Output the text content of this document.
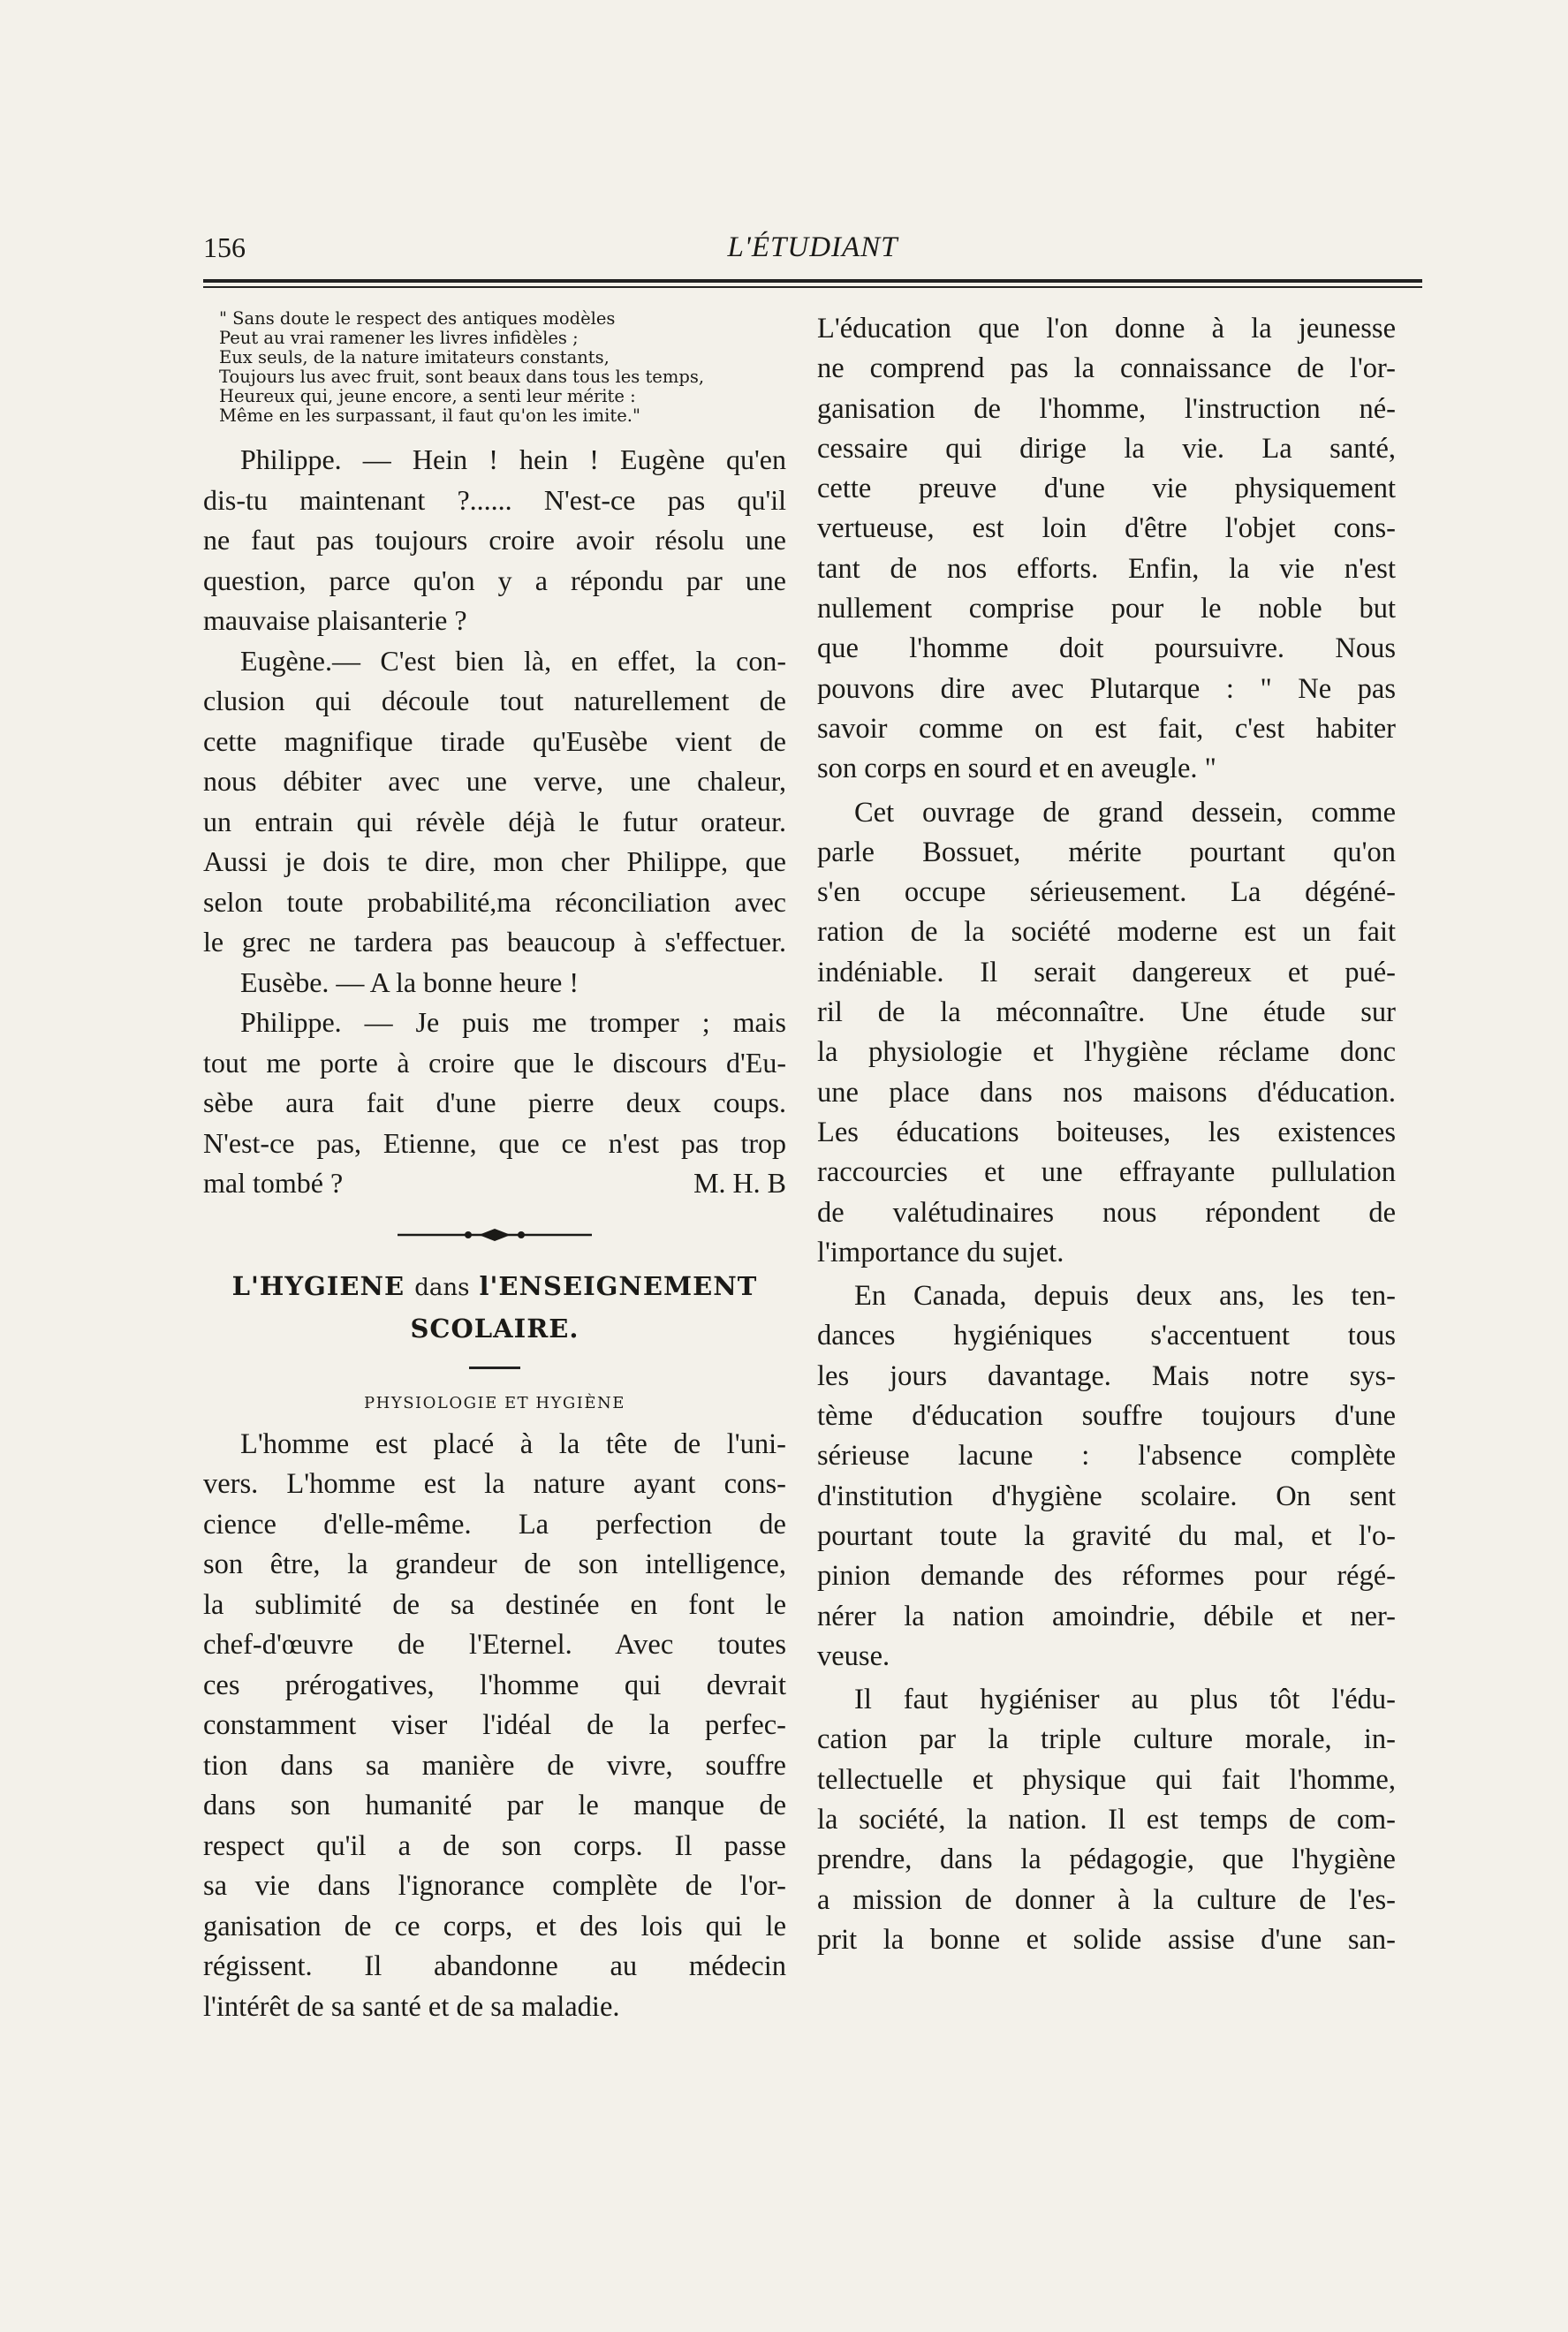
156	L'ÉTUDIANT
" Sans doute le respect des antiques modèles
Peut au vrai ramener les livres infidèles ;
Eux seuls, de la nature imitateurs constants,
Toujours lus avec fruit, sont beaux dans tous les temps,
Heureux qui, jeune encore, a senti leur mérite :
Même en les surpassant, il faut qu'on les imite."
Philippe. — Hein ! hein ! Eugène qu'en
dis-tu maintenant ?...... N'est-ce pas qu'il
ne faut pas toujours croire avoir résolu une
question, parce qu'on y a répondu par une
mauvaise plaisanterie ?
Eugène.— C'est bien là, en effet, la con-
clusion qui découle tout naturellement de
cette magnifique tirade qu'Eusèbe vient de
nous débiter avec une verve, une chaleur,
un entrain qui révèle déjà le futur orateur.
Aussi je dois te dire, mon cher Philippe, que
selon toute probabilité,ma réconciliation avec
le grec ne tardera pas beaucoup à s'effectuer.
Eusèbe. — A la bonne heure !
Philippe. — Je puis me tromper ; mais
tout me porte à croire que le discours d'Eu-
sèbe aura fait d'une pierre deux coups.
N'est-ce pas, Etienne, que ce n'est pas trop
mal tombé ?	M. H. B
L'HYGIENE dans l'ENSEIGNEMENT
SCOLAIRE.
PHYSIOLOGIE ET HYGIÈNE
L'homme est placé à la tête de l'uni-
vers. L'homme est la nature ayant cons-
cience d'elle-même. La perfection de
son être, la grandeur de son intelligence,
la sublimité de sa destinée en font le
chef-d'œuvre de l'Eternel. Avec toutes
ces prérogatives, l'homme qui devrait
constamment viser l'idéal de la perfec-
tion dans sa manière de vivre, souffre
dans son humanité par le manque de
respect qu'il a de son corps. Il passe
sa vie dans l'ignorance complète de l'or-
ganisation de ce corps, et des lois qui le
régissent. Il abandonne au médecin
l'intérêt de sa santé et de sa maladie.
L'éducation que l'on donne à la jeunesse
ne comprend pas la connaissance de l'or-
ganisation de l'homme, l'instruction né-
cessaire qui dirige la vie. La santé,
cette preuve d'une vie physiquement
vertueuse, est loin d'être l'objet cons-
tant de nos efforts. Enfin, la vie n'est
nullement comprise pour le noble but
que l'homme doit poursuivre. Nous
pouvons dire avec Plutarque : " Ne pas
savoir comme on est fait, c'est habiter
son corps en sourd et en aveugle. "
Cet ouvrage de grand dessein, comme
parle Bossuet, mérite pourtant qu'on
s'en occupe sérieusement. La dégéné-
ration de la société moderne est un fait
indéniable. Il serait dangereux et pué-
ril de la méconnaître. Une étude sur
la physiologie et l'hygiène réclame donc
une place dans nos maisons d'éducation.
Les éducations boiteuses, les existences
raccourcies et une effrayante pullulation
de valétudinaires nous répondent de
l'importance du sujet.
En Canada, depuis deux ans, les ten-
dances hygiéniques s'accentuent tous
les jours davantage. Mais notre sys-
tème d'éducation souffre toujours d'une
sérieuse lacune : l'absence complète
d'institution d'hygiène scolaire. On sent
pourtant toute la gravité du mal, et l'o-
pinion demande des réformes pour régé-
nérer la nation amoindrie, débile et ner-
veuse.
Il faut hygiéniser au plus tôt l'édu-
cation par la triple culture morale, in-
tellectuelle et physique qui fait l'homme,
la société, la nation. Il est temps de com-
prendre, dans la pédagogie, que l'hygiène
a mission de donner à la culture de l'es-
prit la bonne et solide assise d'une san-
